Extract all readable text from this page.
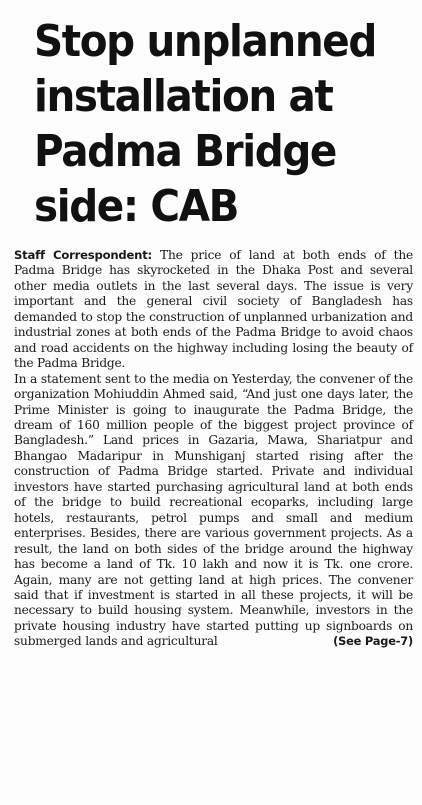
Stop unplanned
installation at
Padma Bridge
side: CAB

Staff Correspondent: The price of land at both ends of the Padma Bridge has skyrocketed in the Dhaka Post and several other media outlets in the last several days. The issue is very important and the general civil society of Bangladesh has demanded to stop the construction of unplanned urbanization and industrial zones at both ends of the Padma Bridge to avoid chaos and road accidents on the highway including losing the beauty of the Padma Bridge.

In a statement sent to the media on Yesterday, the convener of the organization Mohiuddin Ahmed said, “And just one days later, the Prime Minister is going to inaugurate the Padma Bridge, the dream of 160 million people of the biggest project province of Bangladesh.” Land prices in Gazaria, Mawa, Shariatpur and Bhangao Madaripur in Munshiganj started rising after the construction of Padma Bridge started. Private and individual investors have started purchasing agricultural land at both ends of the bridge to build recreational ecoparks, including large hotels, restaurants, petrol pumps and small and medium enterprises. Besides, there are various government projects. As a result, the land on both sides of the bridge around the highway has become a land of Tk. 10 lakh and now it is Tk. one crore. Again, many are not getting land at high prices. The convener said that if investment is started in all these projects, it will be necessary to build housing system. Meanwhile, investors in the private housing industry have started putting up signboards on submerged lands and agricultural	(See Page-7)
